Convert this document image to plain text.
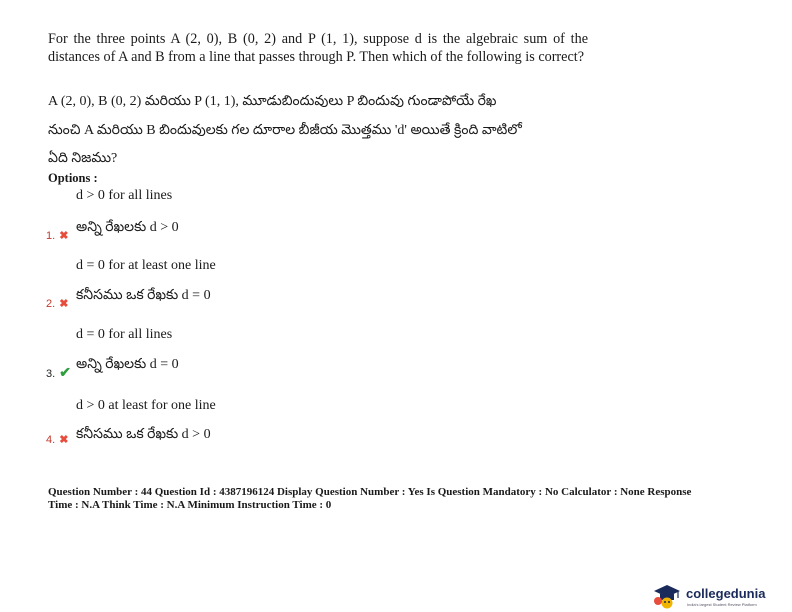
For the three points A (2, 0), B (0, 2) and P (1, 1), suppose d is the algebraic sum of the distances of A and B from a line that passes through P. Then which of the following is correct?
A (2, 0), B (0, 2) మరియు P (1, 1), మూడుబిందువులు P బిందువు గుండాపోయే రేఖ
నుంచి A మరియు B బిందువులకు గల దూరాల బీజీయ మొత్తము 'd' అయితే క్రింది వాటిలో
ఏది నిజము?
Options :
d > 0 for all lines
1. ✖
అన్ని రేఖలకు d > 0
d = 0 for at least one line
2. ✖
కనీసము ఒక రేఖకు d = 0
d = 0 for all lines
3. ✔
అన్ని రేఖలకు d = 0
d > 0 at least for one line
4. ✖ కనీసము ఒక రేఖకు d > 0
Question Number : 44 Question Id : 4387196124 Display Question Number : Yes Is Question Mandatory : No Calculator : None Response
Time : N.A Think Time : N.A Minimum Instruction Time : 0
collegedunia
India's largest Student Review Platform
